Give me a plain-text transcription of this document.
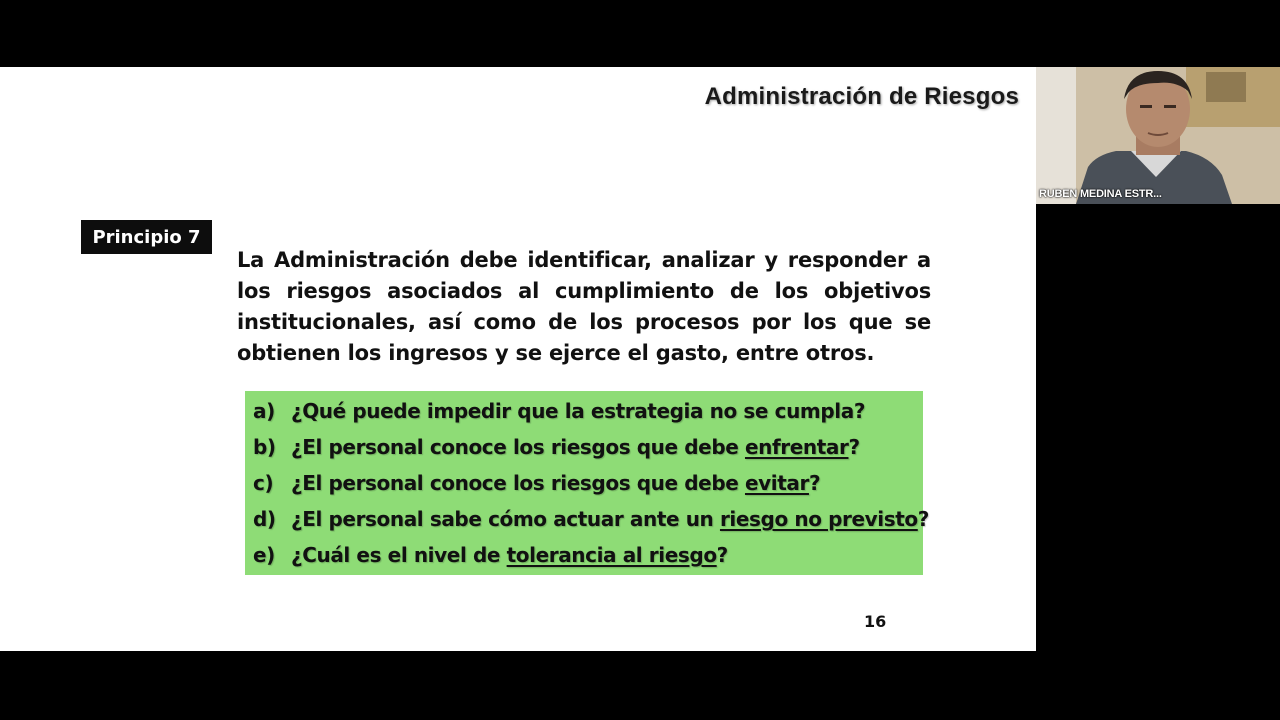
Administración de Riesgos
Principio 7
La Administración debe identificar, analizar y responder a los riesgos asociados al cumplimiento de los objetivos institucionales, así como de los procesos por los que se obtienen los ingresos y se ejerce el gasto, entre otros.
a) ¿Qué puede impedir que la estrategia no se cumpla?
b) ¿El personal conoce los riesgos que debe enfrentar?
c) ¿El personal conoce los riesgos que debe evitar?
d) ¿El personal sabe cómo actuar ante un riesgo no previsto?
e) ¿Cuál es el nivel de tolerancia al riesgo?
16
RUBEN MEDINA ESTR...
